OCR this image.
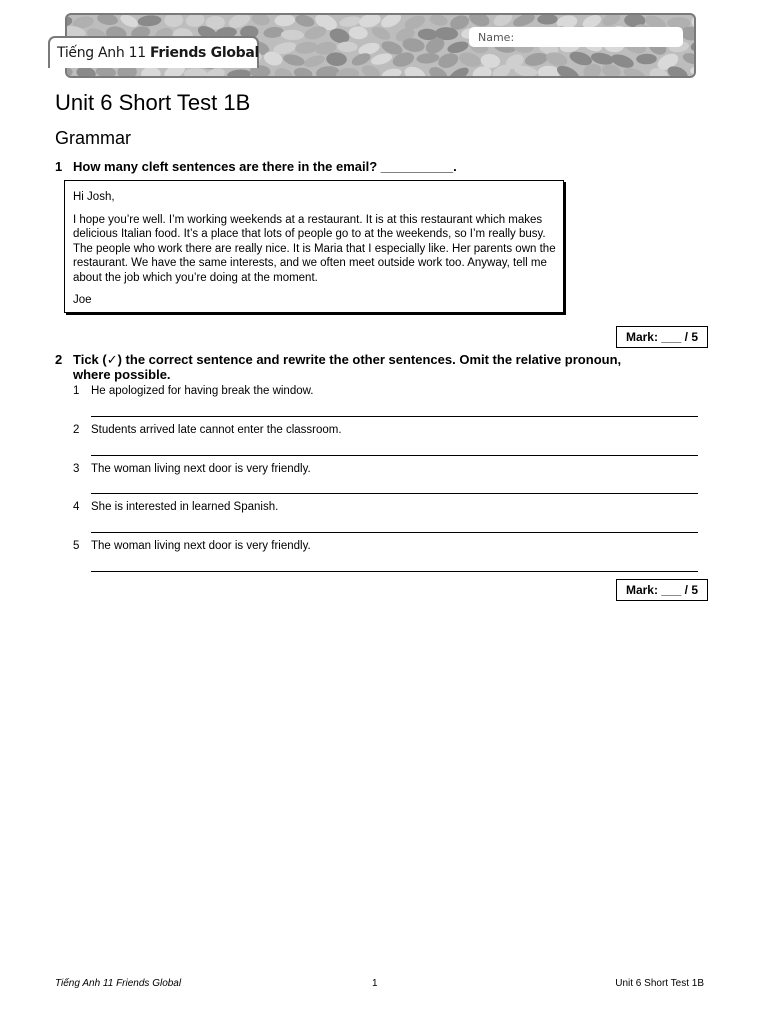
Name:
Tiếng Anh 11 Friends Global
Unit 6 Short Test 1B
Grammar
1 How many cleft sentences are there in the email? __________.

Hi Josh,

I hope you’re well. I’m working weekends at a restaurant. It is at this restaurant which makes delicious Italian food. It’s a place that lots of people go to at the weekends, so I’m really busy. The people who work there are really nice. It is Maria that I especially like. Her parents own the restaurant. We have the same interests, and we often meet outside work too. Anyway, tell me about the job which you’re doing at the moment.

Joe

Mark: ___ / 5
2 Tick (✓) the correct sentence and rewrite the other sentences. Omit the relative pronoun,
where possible.
1 He apologized for having break the window.
2 Students arrived late cannot enter the classroom.
3 The woman living next door is very friendly.
4 She is interested in learned Spanish.
5 The woman living next door is very friendly.
Mark: ___ / 5
Tiếng Anh 11 Friends Global	1	Unit 6 Short Test 1B
